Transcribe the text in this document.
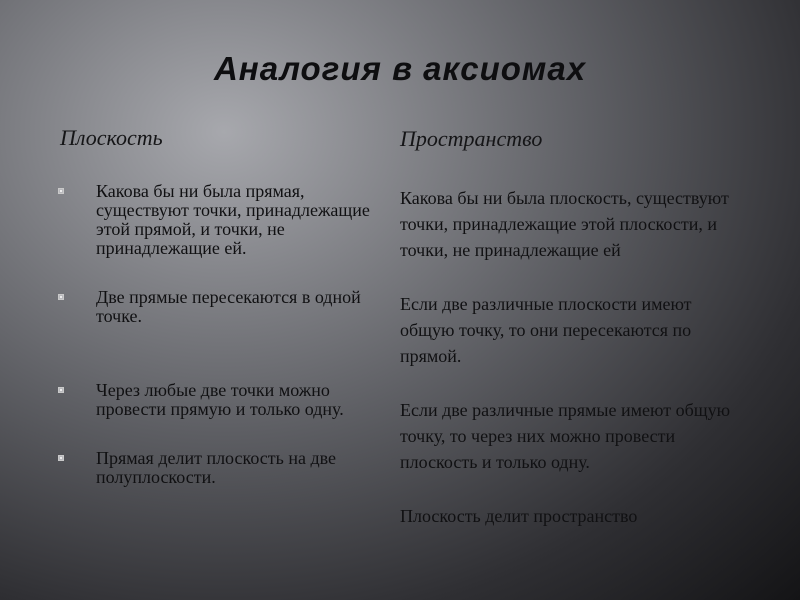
Аналогия в аксиомах
Плоскость	Пространство
Какова бы ни была прямая, существуют точки, принадлежащие этой прямой, и точки, не принадлежащие ей.
Две прямые пересекаются в одной точке.
Через любые две точки можно провести прямую и только одну.
Прямая делит плоскость на две полуплоскости.

Какова бы ни была плоскость, существуют точки, принадлежащие этой плоскости, и точки, не принадлежащие ей

Если две различные плоскости имеют общую точку, то они пересекаются по прямой.

Если две различные прямые имеют общую точку, то через них можно провести плоскость и только одну.

Плоскость делит пространство
